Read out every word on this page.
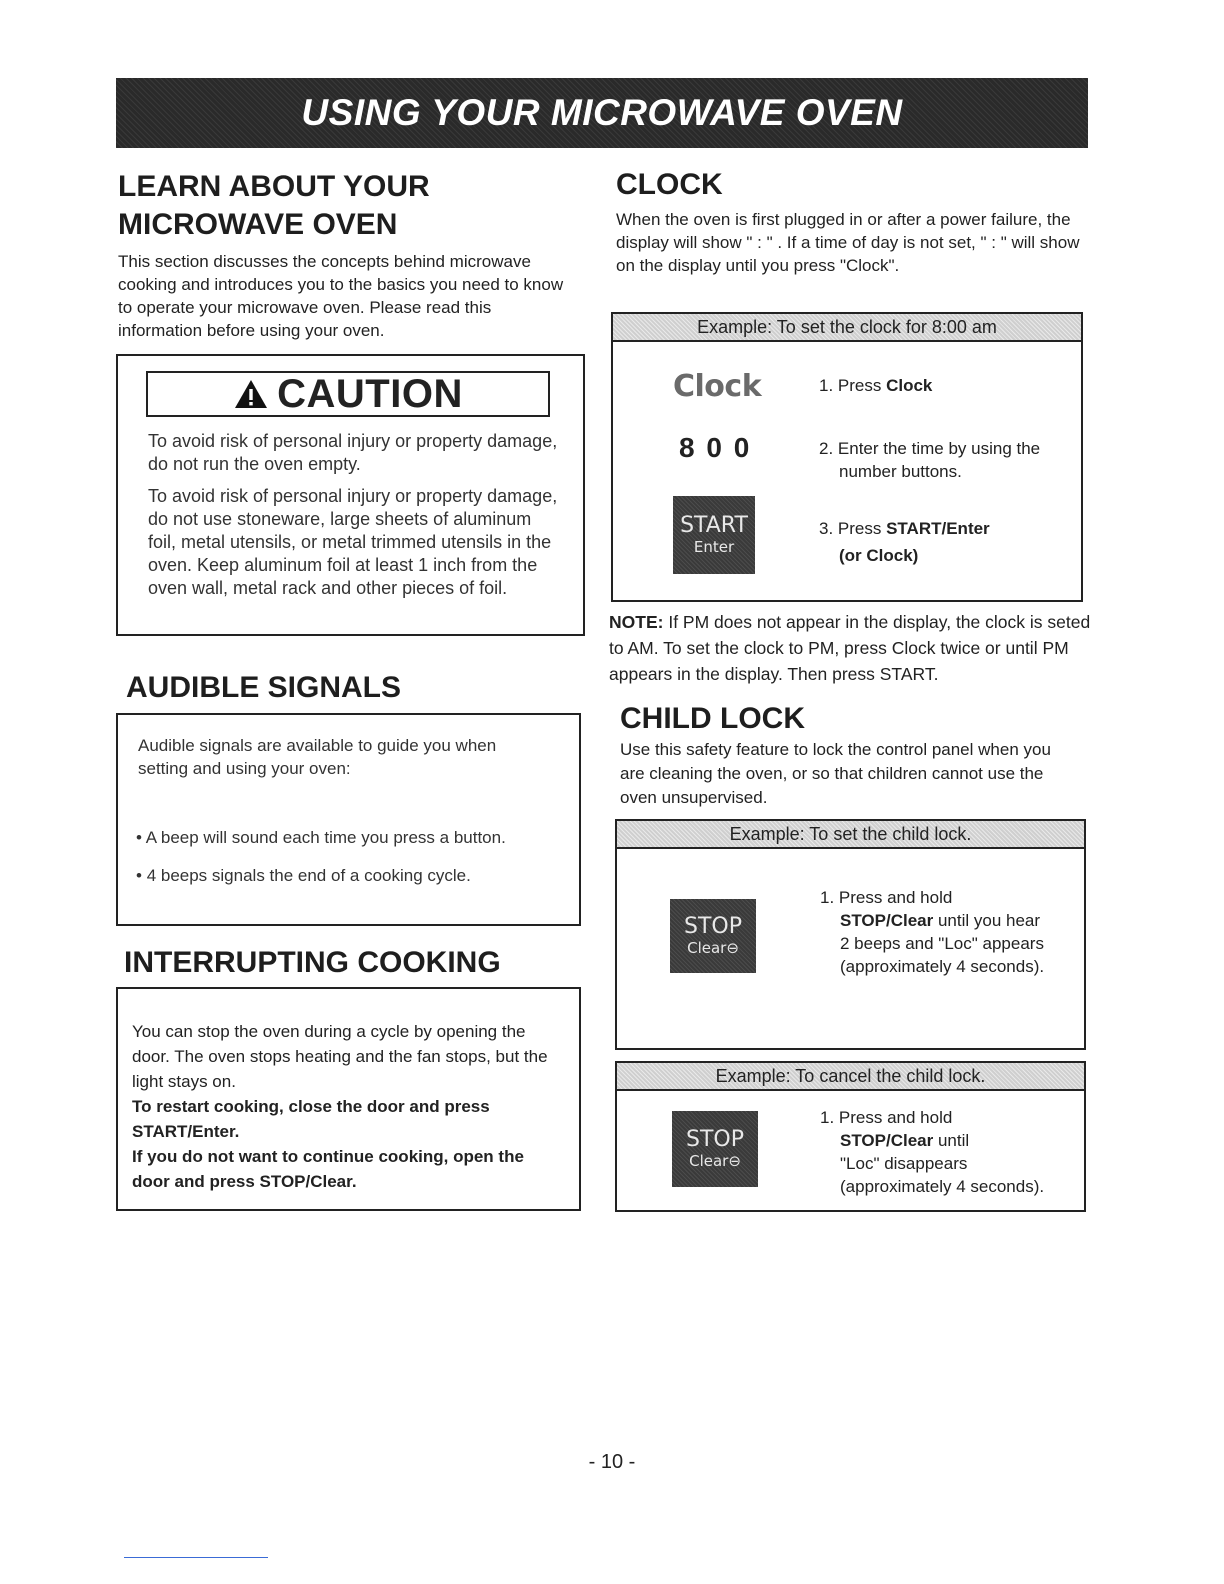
USING YOUR MICROWAVE OVEN
LEARN ABOUT YOUR
MICROWAVE OVEN

This section discusses the concepts behind microwave cooking and introduces you to the basics you need to know to operate your microwave oven. Please read this information before using your oven.

CAUTION

To avoid risk of personal injury or property damage, do not run the oven empty.

To avoid risk of personal injury or property damage, do not use stoneware, large sheets of aluminum foil, metal utensils, or metal trimmed utensils in the oven. Keep aluminum foil at least 1 inch from the oven wall, metal rack and other pieces of foil.

AUDIBLE SIGNALS

Audible signals are available to guide you when setting and using your oven:

• A beep will sound each time you press a button.
• 4 beeps signals the end of a cooking cycle.
INTERRUPTING COOKING

You can stop the oven during a cycle by opening the door. The oven stops heating and the fan stops, but the light stays on.

To restart cooking, close the door and press START/Enter.

If you do not want to continue cooking, open the door and press STOP/Clear.

CLOCK

When the oven is first plugged in or after a power failure, the display will show " : " . If a time of day is not set, " : " will show on the display until you press "Clock".

Example: To set the clock for 8:00 am
Clock
8 0 0
START
Enter
1. Press Clock
2. Enter the time by using the
number buttons.
3. Press START/Enter
(or Clock)
NOTE: If PM does not appear in the display, the clock is seted to AM. To set the clock to PM, press Clock twice or until PM appears in the display. Then press START.
CHILD LOCK

Use this safety feature to lock the control panel when you are cleaning the oven, or so that children cannot use the oven unsupervised.

Example: To set the child lock.
STOP
Clear⊖
1. Press and hold

STOP/Clear until you hear
2 beeps and "Loc" appears
(approximately 4 seconds).
Example: To cancel the child lock.
STOP
Clear⊖
1. Press and hold

STOP/Clear until
"Loc" disappears
(approximately 4 seconds).
- 10 -
